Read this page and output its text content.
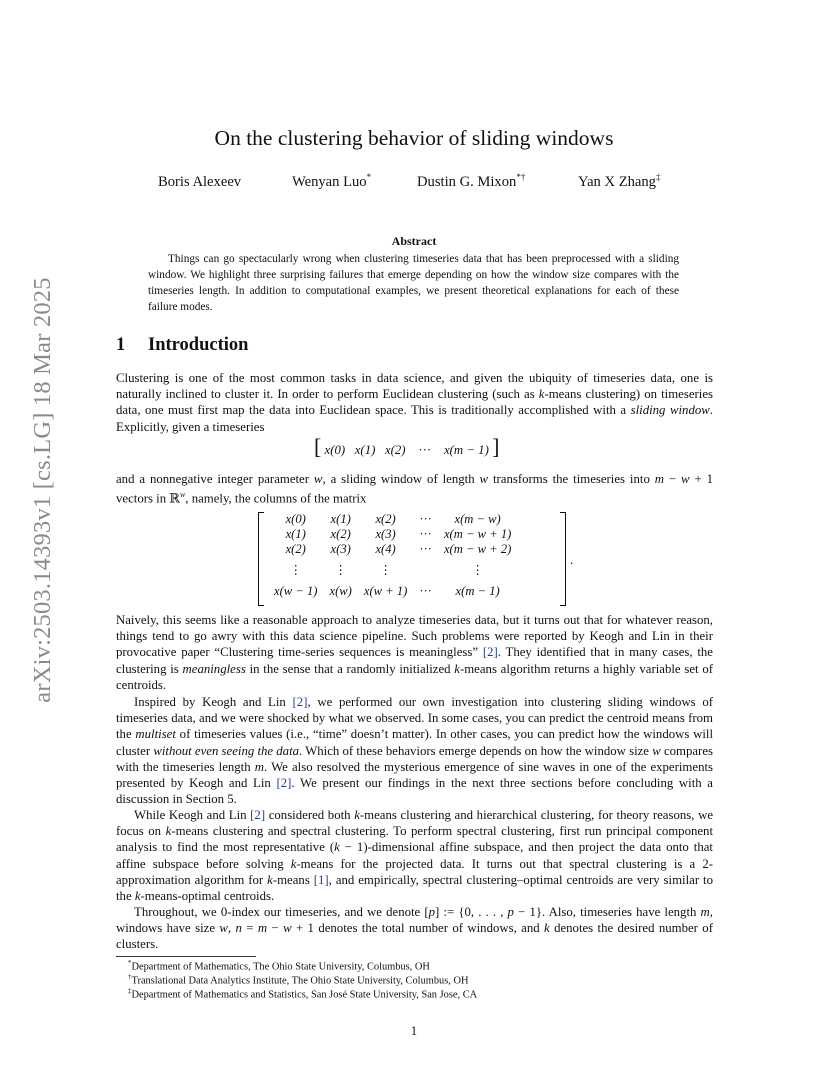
arXiv:2503.14393v1 [cs.LG] 18 Mar 2025
On the clustering behavior of sliding windows
Boris Alexeev	Wenyan Luo*	Dustin G. Mixon*†	Yan X Zhang‡
Abstract

Things can go spectacularly wrong when clustering timeseries data that has been preprocessed with a sliding window. We highlight three surprising failures that emerge depending on how the window size compares with the timeseries length. In addition to computational examples, we present theoretical explanations for each of these failure modes.

1 Introduction

Clustering is one of the most common tasks in data science, and given the ubiquity of timeseries data, one is naturally inclined to cluster it. In order to perform Euclidean clustering (such as k-means clustering) on timeseries data, one must first map the data into Euclidean space. This is traditionally accomplished with a sliding window. Explicitly, given a timeseries

[ x(0) x(1) x(2) ··· x(m − 1) ]

and a nonnegative integer parameter w, a sliding window of length w transforms the timeseries into m − w + 1 vectors in ℝ$^w$, namely, the columns of the matrix

x(0)	x(1)	x(2)	···	x(m − w)
x(1)	x(2)	x(3)	···	x(m − w + 1)
x(2)	x(3)	x(4)	···	x(m − w + 2)
⋮	⋮	⋮		⋮
x(w − 1)	x(w)	x(w + 1)	···	x(m − 1)
.

Naively, this seems like a reasonable approach to analyze timeseries data, but it turns out that for whatever reason, things tend to go awry with this data science pipeline. Such problems were reported by Keogh and Lin in their provocative paper “Clustering time-series sequences is meaningless” [2]. They identified that in many cases, the clustering is meaningless in the sense that a randomly initialized k-means algorithm returns a highly variable set of centroids.

Inspired by Keogh and Lin [2], we performed our own investigation into clustering sliding windows of timeseries data, and we were shocked by what we observed. In some cases, you can predict the centroid means from the multiset of timeseries values (i.e., “time” doesn’t matter). In other cases, you can predict how the windows will cluster without even seeing the data. Which of these behaviors emerge depends on how the window size w compares with the timeseries length m. We also resolved the mysterious emergence of sine waves in one of the experiments presented by Keogh and Lin [2]. We present our findings in the next three sections before concluding with a discussion in Section 5.

While Keogh and Lin [2] considered both k-means clustering and hierarchical clustering, for theory reasons, we focus on k-means clustering and spectral clustering. To perform spectral clustering, first run principal component analysis to find the most representative (k − 1)-dimensional affine subspace, and then project the data onto that affine subspace before solving k-means for the projected data. It turns out that spectral clustering is a 2-approximation algorithm for k-means [1], and empirically, spectral clustering–optimal centroids are very similar to the k-means-optimal centroids.

Throughout, we 0-index our timeseries, and we denote [p] := {0, . . . , p − 1}. Also, timeseries have length m, windows have size w, n = m − w + 1 denotes the total number of windows, and k denotes the desired number of clusters.

*Department of Mathematics, The Ohio State University, Columbus, OH
†Translational Data Analytics Institute, The Ohio State University, Columbus, OH
‡Department of Mathematics and Statistics, San José State University, San Jose, CA
1
